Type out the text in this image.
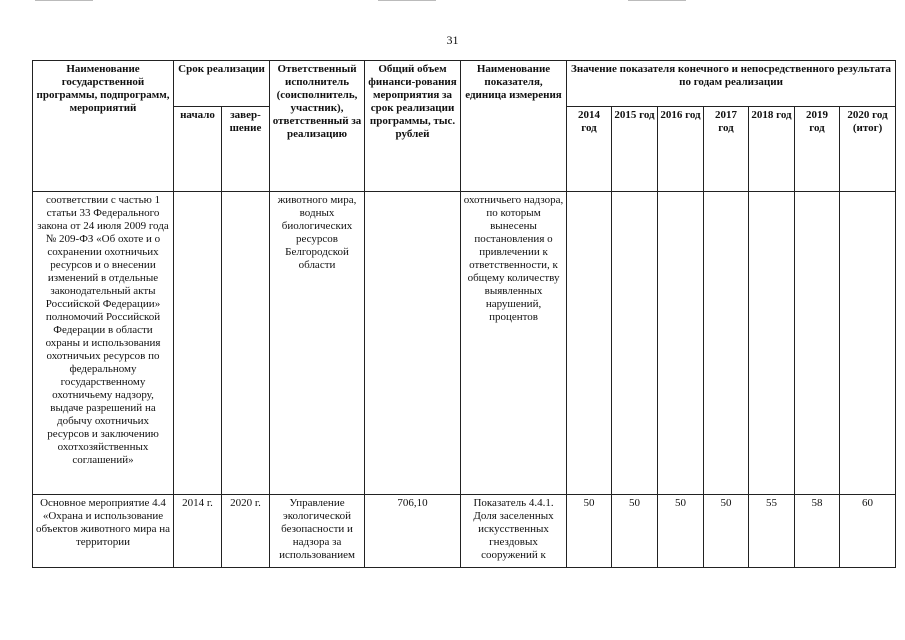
31
Наименование государственной программы, подпрограмм, мероприятий	Срок реализации		Ответственный исполнитель (соисполнитель, участник), ответственный за реализацию	Общий объем финанси-рования мероприятия за срок реализации программы, тыс. рублей	Наименование показателя, единица измерения	Значение показателя конечного и непосредственного результата по годам реализации						
	начало	завер-шение				2014 год	2015 год	2016 год	2017 год	2018 год	2019 год	2020 год (итог)
соответствии с частью 1 статьи 33 Федерального закона от 24 июля 2009 года № 209-ФЗ «Об охоте и о сохранении охотничьих ресурсов и о внесении изменений в отдельные законодательный акты Российской Федерации» полномочий Российской Федерации в области охраны и использования охотничьих ресурсов по федеральному государственному охотничьему надзору, выдаче разрешений на добычу охотничьих ресурсов и заключению охотхозяйственных соглашений»			животного мира, водных биологических ресурсов Белгородской области		охотничьего надзора, по которым вынесены постановления о привлечении к ответственности, к общему количеству выявленных нарушений, процентов							
Основное мероприятие 4.4 «Охрана и использование объектов животного мира на территории	2014 г.	2020 г.	Управление экологической безопасности и надзора за использованием	706,10	Показатель 4.4.1. Доля заселенных искусственных гнездовых сооружений к	50	50	50	50	55	58	60
